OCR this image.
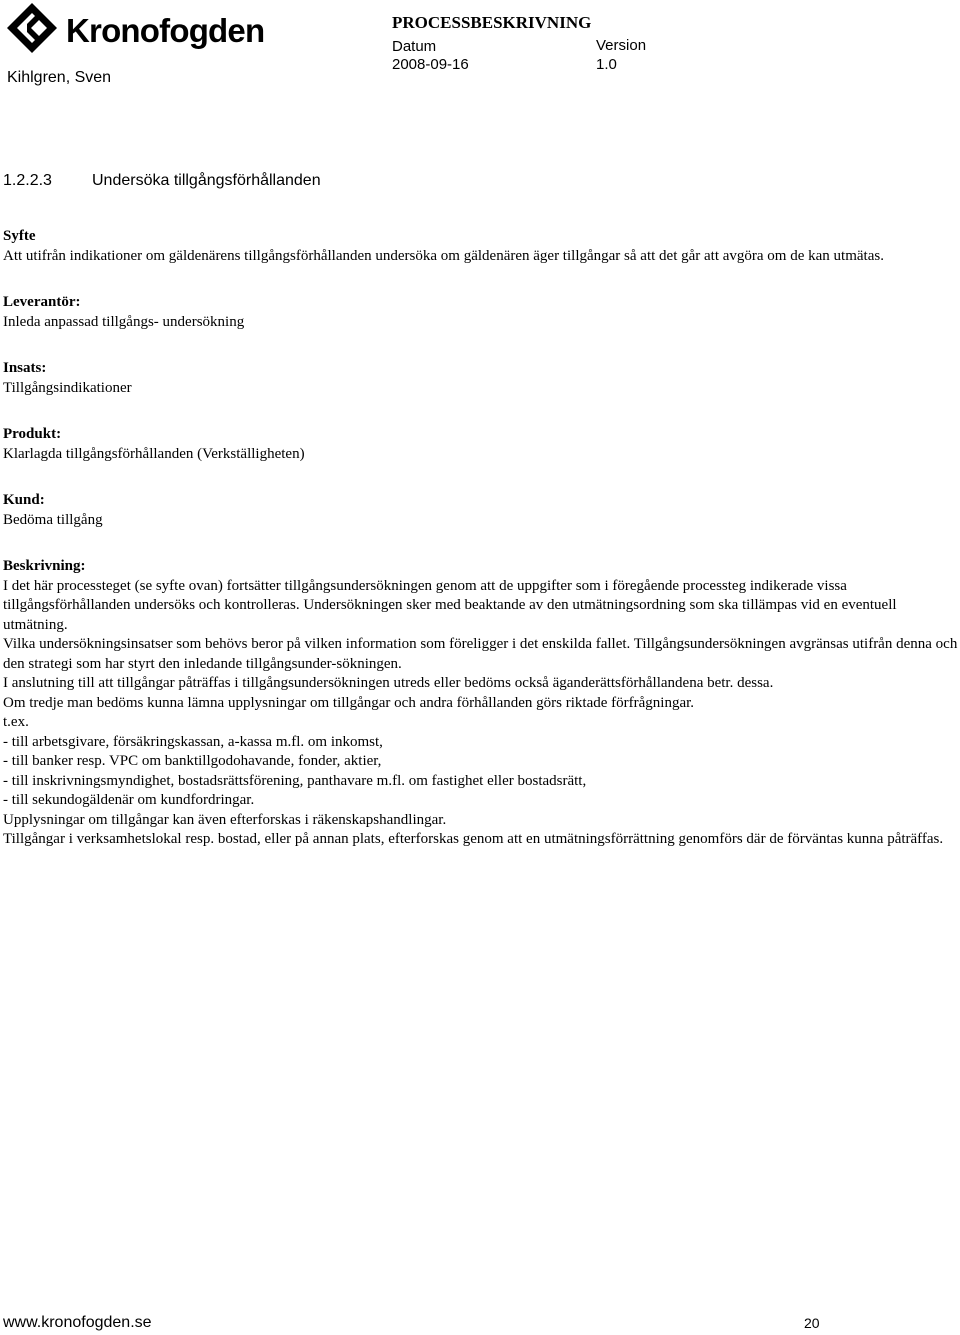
Kronofogden
Kihlgren, Sven
PROCESSBESKRIVNING
Datum
2008-09-16
Version
1.0
1.2.2.3	Undersöka tillgångsförhållanden

Syfte

Att utifrån indikationer om gäldenärens tillgångsförhållanden undersöka om gäldenären äger tillgångar så att det går att avgöra om de kan utmätas.

Leverantör:

Inleda anpassad tillgångs- undersökning

Insats:

Tillgångsindikationer

Produkt:

Klarlagda tillgångsförhållanden (Verkställigheten)

Kund:

Bedöma tillgång

Beskrivning:

I det här processteget (se syfte ovan) fortsätter tillgångsundersökningen genom att de uppgifter som i föregående processteg indikerade vissa tillgångsförhållanden undersöks och kontrolleras. Undersökningen sker med beaktande av den utmätningsordning som ska tillämpas vid en eventuell utmätning.

Vilka undersökningsinsatser som behövs beror på vilken information som föreligger i det enskilda fallet. Tillgångsundersökningen avgränsas utifrån denna och den strategi som har styrt den inledande tillgångsunder-sökningen.

I anslutning till att tillgångar påträffas i tillgångsundersökningen utreds eller bedöms också äganderättsförhållandena betr. dessa.

Om tredje man bedöms kunna lämna upplysningar om tillgångar och andra förhållanden görs riktade förfrågningar.

t.ex.

- till arbetsgivare, försäkringskassan, a-kassa m.fl. om inkomst,

- till banker resp. VPC om banktillgodohavande, fonder, aktier,

- till inskrivningsmyndighet, bostadsrättsförening, panthavare m.fl. om fastighet eller bostadsrätt,

- till sekundogäldenär om kundfordringar.

Upplysningar om tillgångar kan även efterforskas i räkenskapshandlingar.

Tillgångar i verksamhetslokal resp. bostad, eller på annan plats, efterforskas genom att en utmätningsförrättning genomförs där de förväntas kunna påträffas.

www.kronofogden.se	20
